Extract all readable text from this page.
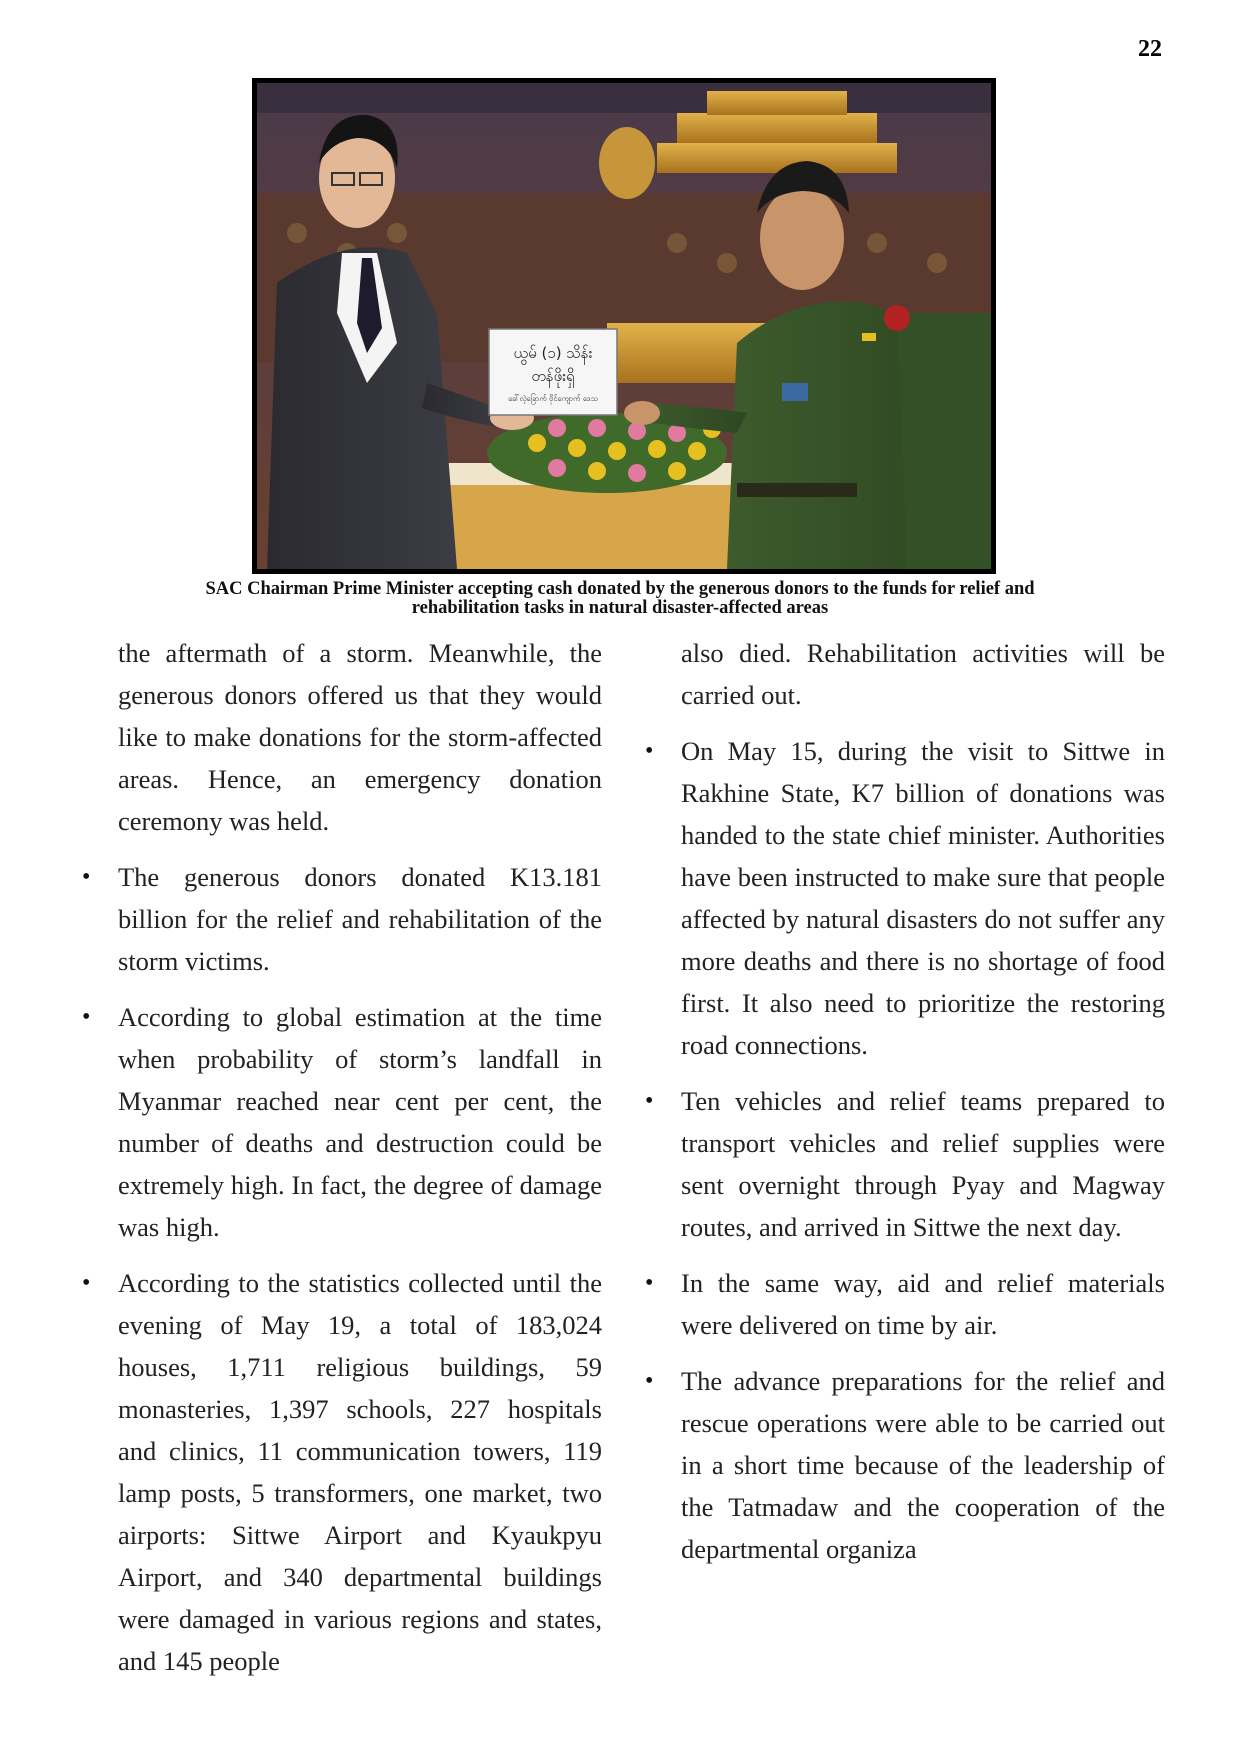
22
ယွမ် (၁) သိန်း
တန်ဖိုးရှိ
ခေါ်လဲ့ခြောက် ဗိုင်ကျောက် ဒေသ
SAC Chairman Prime Minister accepting cash donated by the generous donors to the funds for relief and
rehabilitation tasks in natural disaster-affected areas

the aftermath of a storm. Meanwhile, the generous donors offered us that they would like to make donations for the storm-affected areas. Hence, an emergency donation ceremony was held.

• The generous donors donated K13.181 billion for the relief and rehabilitation of the storm victims.
• According to global estimation at the time when probability of storm’s landfall in Myanmar reached near cent per cent, the number of deaths and destruction could be extremely high. In fact, the degree of damage was high.
• According to the statistics collected until the evening of May 19, a total of 183,024 houses, 1,711 religious buildings, 59 monasteries, 1,397 schools, 227 hospitals and clinics, 11 communication towers, 119 lamp posts, 5 transformers, one market, two airports: Sittwe Airport and Kyaukpyu Airport, and 340 departmental buildings were damaged in various regions and states, and 145 people

also died. Rehabilitation activities will be carried out.

• On May 15, during the visit to Sittwe in Rakhine State, K7 billion of donations was handed to the state chief minister. Authorities have been instructed to make sure that people affected by natural disasters do not suffer any more deaths and there is no shortage of food first. It also need to prioritize the restoring road connections.
• Ten vehicles and relief teams prepared to transport vehicles and relief supplies were sent overnight through Pyay and Magway routes, and arrived in Sittwe the next day.
• In the same way, aid and relief materials were delivered on time by air.
• The advance preparations for the relief and rescue operations were able to be carried out in a short time because of the leadership of the Tatmadaw and the cooperation of the departmental organiza
